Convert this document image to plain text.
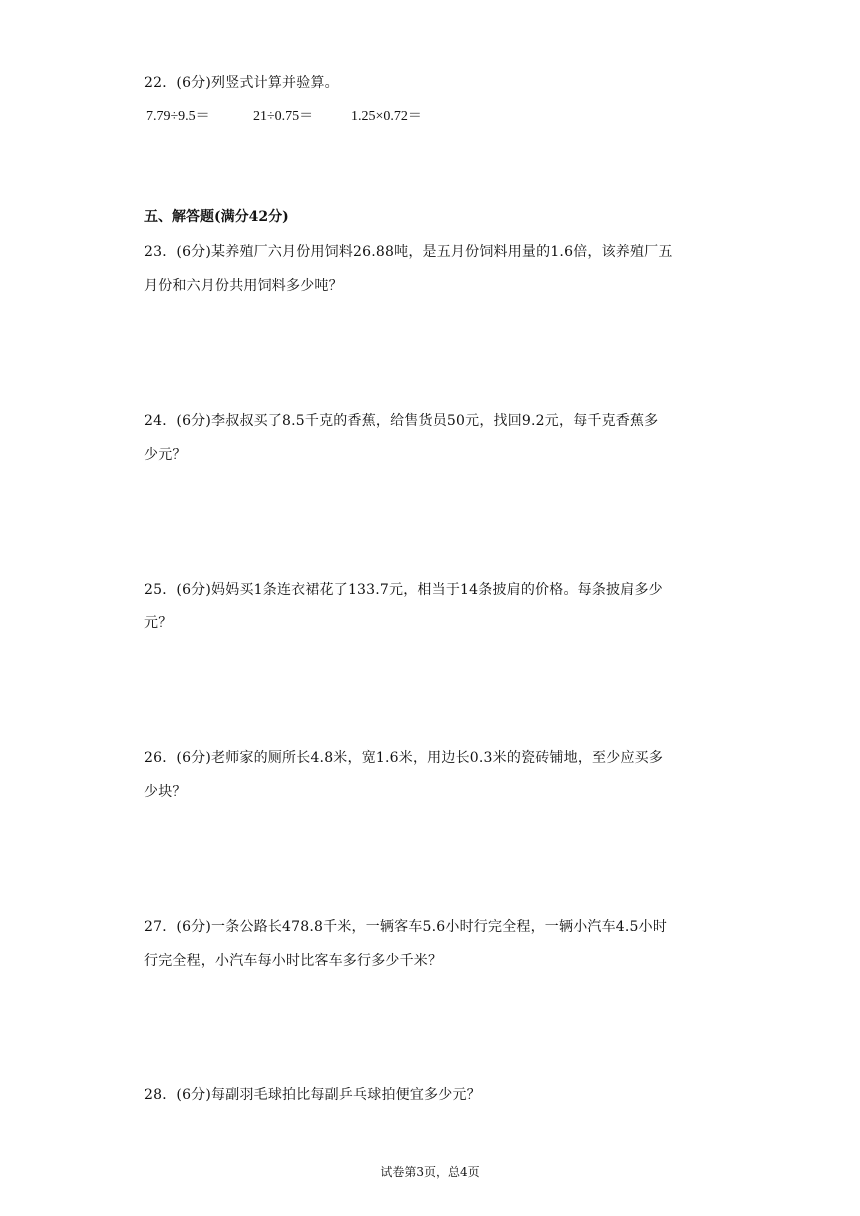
22．(6分)列竖式计算并验算。
7.79÷9.5＝	21÷0.75＝	1.25×0.72＝
五、解答题(满分42分)
23．(6分)某养殖厂六月份用饲料26.88吨，是五月份饲料用量的1.6倍，该养殖厂五
月份和六月份共用饲料多少吨？
24．(6分)李叔叔买了8.5千克的香蕉，给售货员50元，找回9.2元，每千克香蕉多
少元？
25．(6分)妈妈买1条连衣裙花了133.7元，相当于14条披肩的价格。每条披肩多少
元？
26．(6分)老师家的厕所长4.8米，宽1.6米，用边长0.3米的瓷砖铺地，至少应买多
少块？
27．(6分)一条公路长478.8千米，一辆客车5.6小时行完全程，一辆小汽车4.5小时
行完全程，小汽车每小时比客车多行多少千米？
28．(6分)每副羽毛球拍比每副乒乓球拍便宜多少元？
试卷第3页，总4页
